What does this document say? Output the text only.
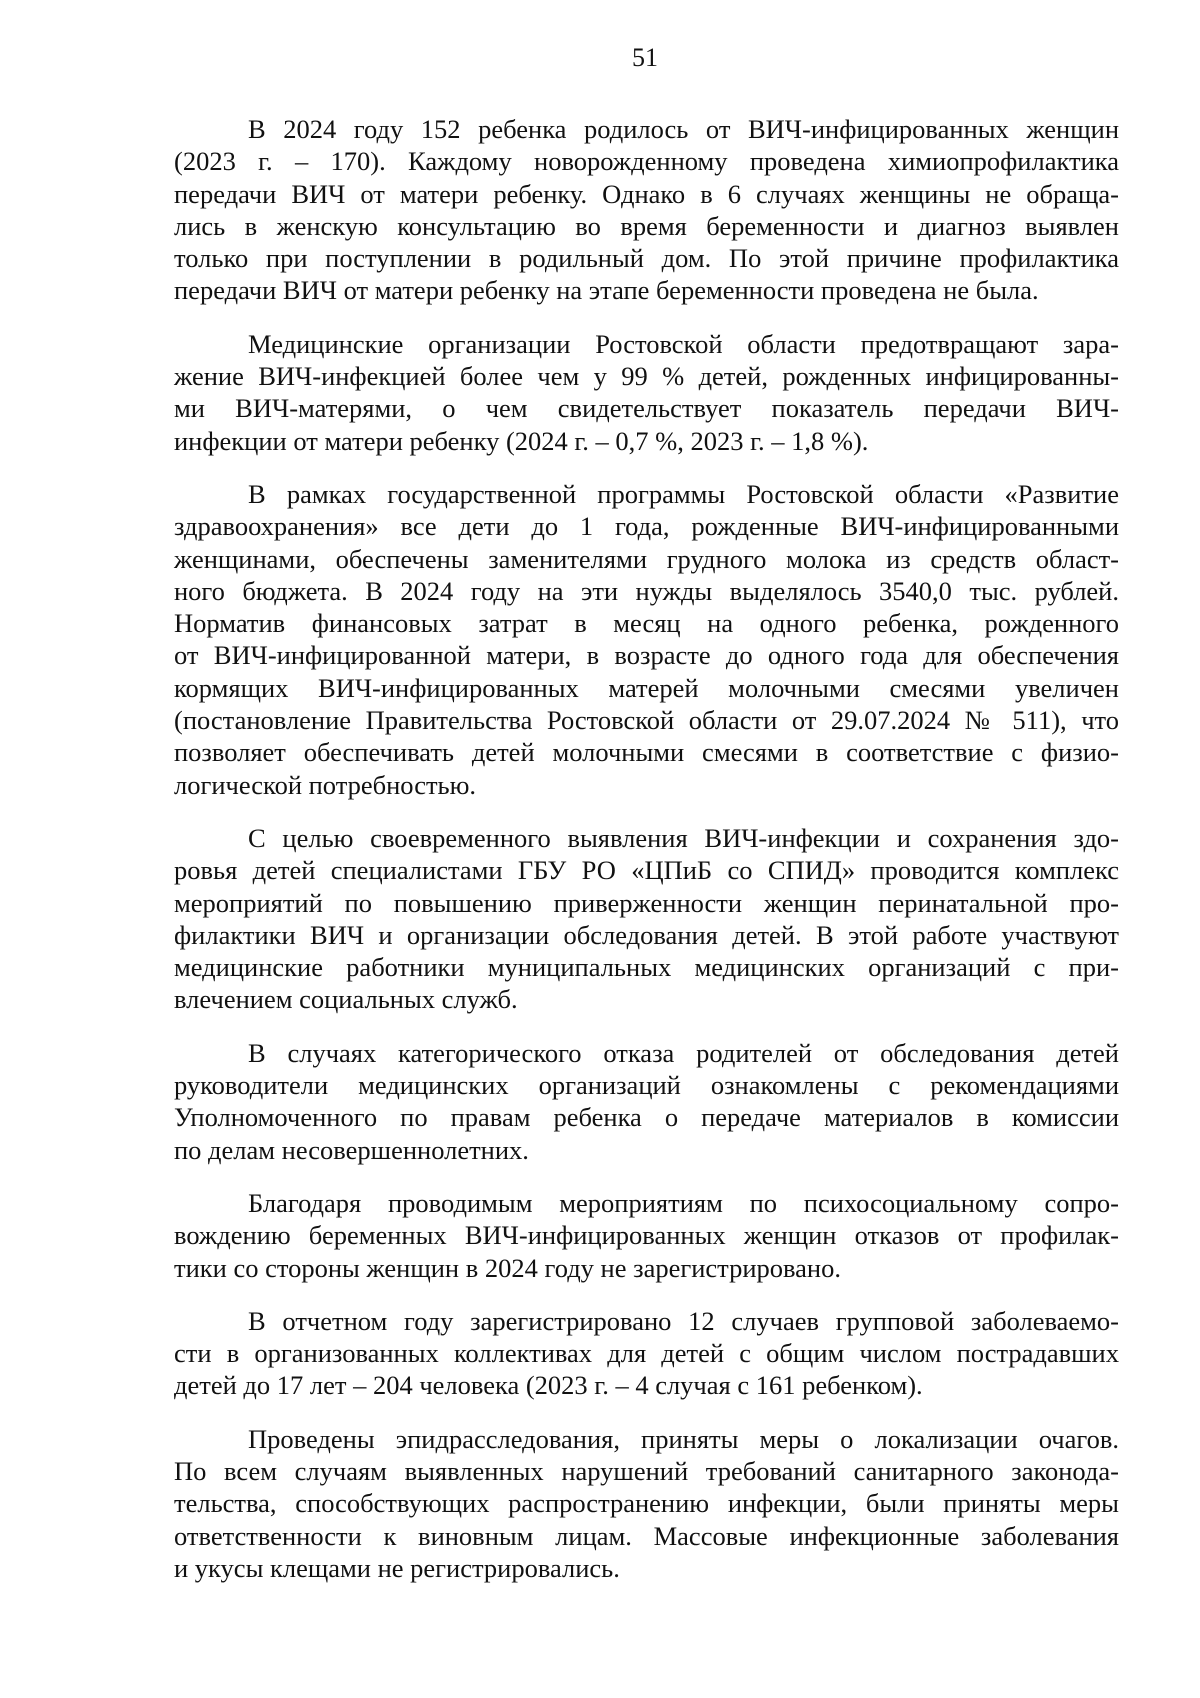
51

В 2024 году 152 ребенка родилось от ВИЧ-инфицированных женщин
(2023 г. – 170). Каждому новорожденному проведена химиопрофилактика
передачи ВИЧ от матери ребенку. Однако в 6 случаях женщины не обраща-
лись в женскую консультацию во время беременности и диагноз выявлен
только при поступлении в родильный дом. По этой причине профилактика
передачи ВИЧ от матери ребенку на этапе беременности проведена не была.

Медицинские организации Ростовской области предотвращают зара-
жение ВИЧ-инфекцией более чем у 99 % детей, рожденных инфицированны-
ми ВИЧ-матерями, о чем свидетельствует показатель передачи ВИЧ-
инфекции от матери ребенку (2024 г. – 0,7 %, 2023 г. – 1,8 %).

В рамках государственной программы Ростовской области «Развитие
здравоохранения» все дети до 1 года, рожденные ВИЧ-инфицированными
женщинами, обеспечены заменителями грудного молока из средств област-
ного бюджета. В 2024 году на эти нужды выделялось 3540,0 тыс. рублей.
Норматив финансовых затрат в месяц на одного ребенка, рожденного
от ВИЧ-инфицированной матери, в возрасте до одного года для обеспечения
кормящих ВИЧ-инфицированных матерей молочными смесями увеличен
(постановление Правительства Ростовской области от 29.07.2024 № 511), что
позволяет обеспечивать детей молочными смесями в соответствие с физио-
логической потребностью.

С целью своевременного выявления ВИЧ-инфекции и сохранения здо-
ровья детей специалистами ГБУ РО «ЦПиБ со СПИД» проводится комплекс
мероприятий по повышению приверженности женщин перинатальной про-
филактики ВИЧ и организации обследования детей. В этой работе участвуют
медицинские работники муниципальных медицинских организаций с при-
влечением социальных служб.

В случаях категорического отказа родителей от обследования детей
руководители медицинских организаций ознакомлены с рекомендациями
Уполномоченного по правам ребенка о передаче материалов в комиссии
по делам несовершеннолетних.

Благодаря проводимым мероприятиям по психосоциальному сопро-
вождению беременных ВИЧ-инфицированных женщин отказов от профилак-
тики со стороны женщин в 2024 году не зарегистрировано.

В отчетном году зарегистрировано 12 случаев групповой заболеваемо-
сти в организованных коллективах для детей с общим числом пострадавших
детей до 17 лет – 204 человека (2023 г. – 4 случая с 161 ребенком).

Проведены эпидрасследования, приняты меры о локализации очагов.
По всем случаям выявленных нарушений требований санитарного законода-
тельства, способствующих распространению инфекции, были приняты меры
ответственности к виновным лицам. Массовые инфекционные заболевания
и укусы клещами не регистрировались.
